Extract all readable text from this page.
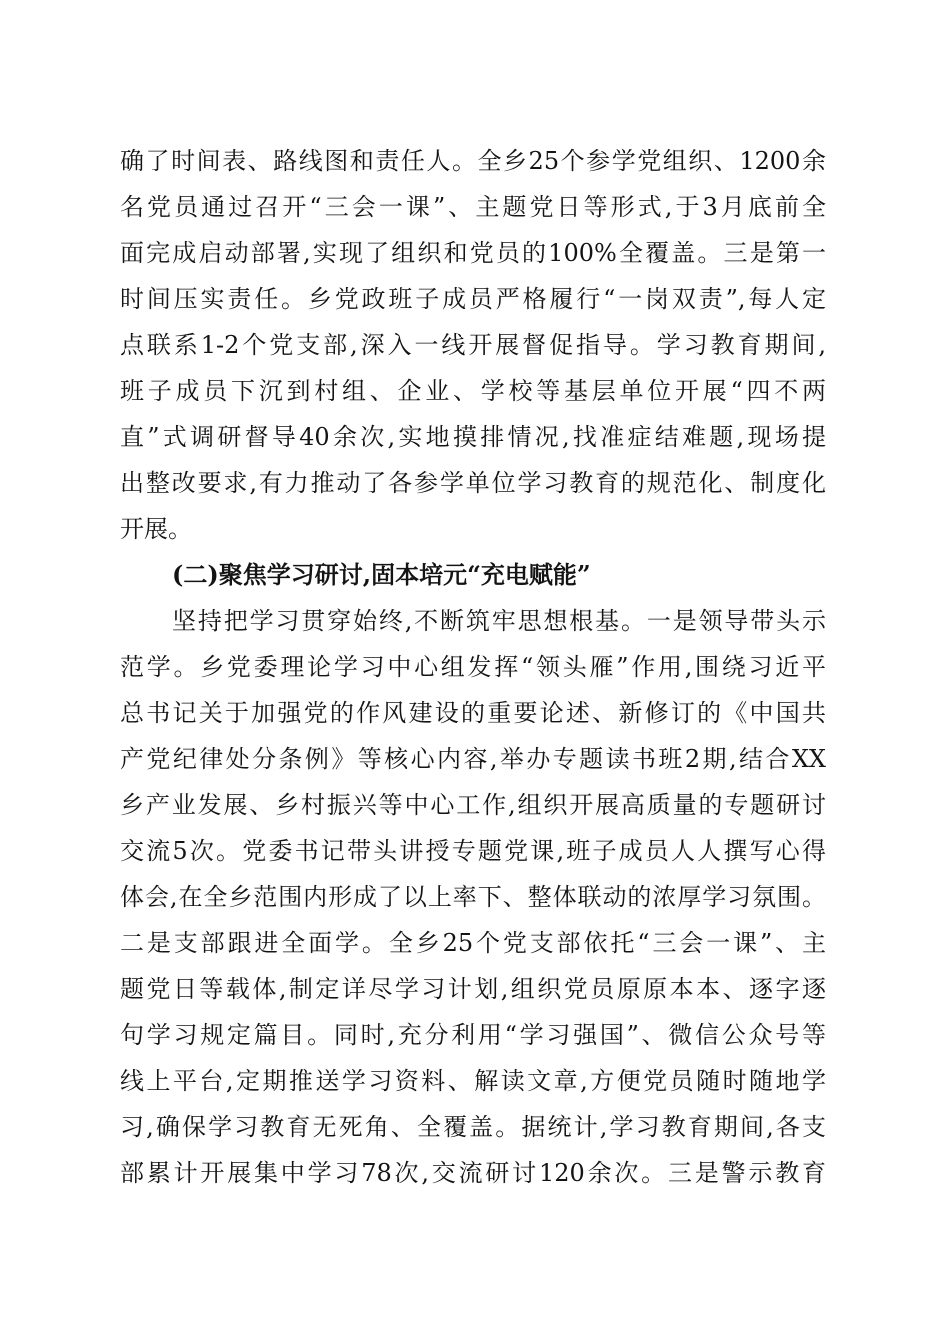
确了时间表、路线图和责任人。全乡25个参学党组织、1200余
名党员通过召开“三会一课”、主题党日等形式,于3月底前全
面完成启动部署,实现了组织和党员的100%全覆盖。三是第一
时间压实责任。乡党政班子成员严格履行“一岗双责”,每人定
点联系1-2个党支部,深入一线开展督促指导。学习教育期间,
班子成员下沉到村组、企业、学校等基层单位开展“四不两
直”式调研督导40余次,实地摸排情况,找准症结难题,现场提
出整改要求,有力推动了各参学单位学习教育的规范化、制度化
开展。
(二)聚焦学习研讨,固本培元“充电赋能”
坚持把学习贯穿始终,不断筑牢思想根基。一是领导带头示
范学。乡党委理论学习中心组发挥“领头雁”作用,围绕习近平
总书记关于加强党的作风建设的重要论述、新修订的《中国共
产党纪律处分条例》等核心内容,举办专题读书班2期,结合XX
乡产业发展、乡村振兴等中心工作,组织开展高质量的专题研讨
交流5次。党委书记带头讲授专题党课,班子成员人人撰写心得
体会,在全乡范围内形成了以上率下、整体联动的浓厚学习氛围。
二是支部跟进全面学。全乡25个党支部依托“三会一课”、主
题党日等载体,制定详尽学习计划,组织党员原原本本、逐字逐
句学习规定篇目。同时,充分利用“学习强国”、微信公众号等
线上平台,定期推送学习资料、解读文章,方便党员随时随地学
习,确保学习教育无死角、全覆盖。据统计,学习教育期间,各支
部累计开展集中学习78次,交流研讨120余次。三是警示教育
